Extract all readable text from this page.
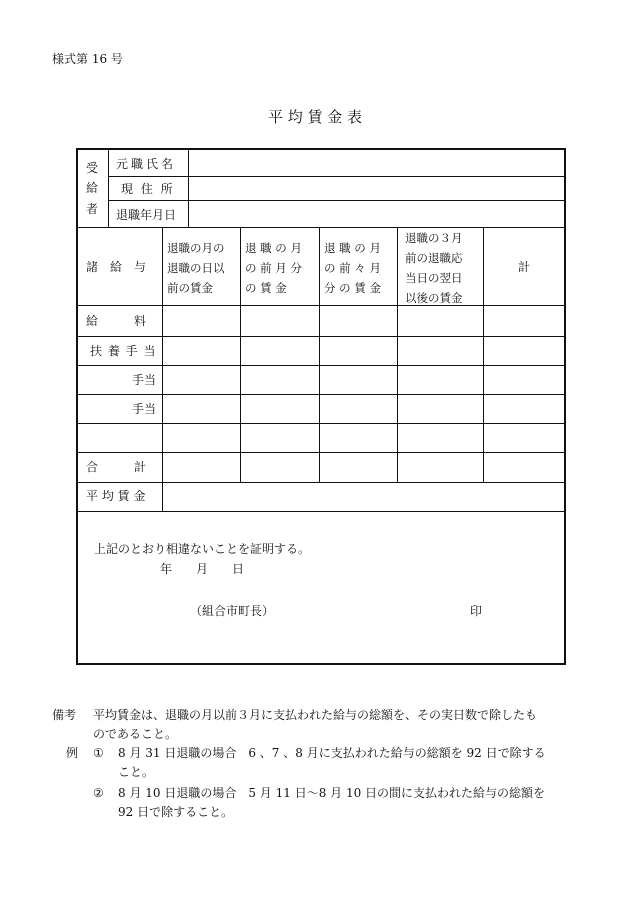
様式第 16 号
平 均 賃 金 表
受
給
者
元職氏名
現 住 所
退職年月日
諸　給　与
退職の月の
退職の日以
前の賃金
退 職 の 月
の 前 月 分
の 賃 金
退 職 の 月
の 前 々 月
分 の 賃 金
退職の３月
前の退職応
当日の翌日
以後の賃金
計
給　　　料
扶 養 手 当
手当
手当
合　　　計
平 均 賃 金
上記のとおり相違ないことを証明する。
年　　月　　日
（組合市町長）	印
備考 平均賃金は、退職の月以前３月に支払われた給与の総額を、その実日数で除したも
のであること。
例 ① 8 月 31 日退職の場合　6 、7 、8 月に支払われた給与の総額を 92 日で除する
こと。
② 8 月 10 日退職の場合　5 月 11 日〜8 月 10 日の間に支払われた給与の総額を
92 日で除すること。
